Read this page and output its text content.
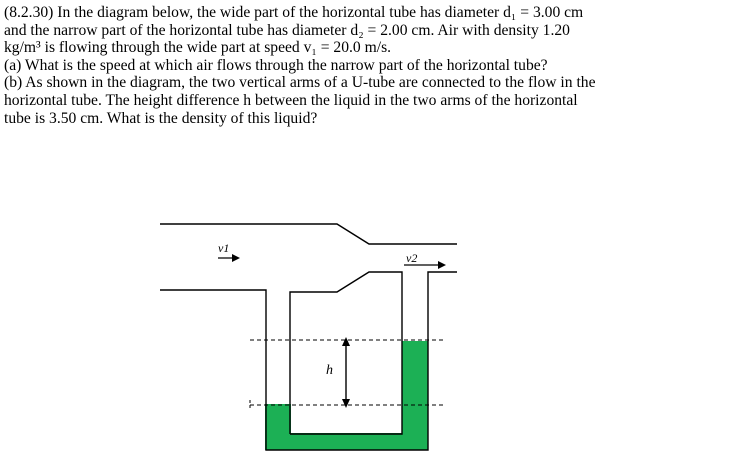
(8.2.30) In the diagram below, the wide part of the horizontal tube has diameter d₁ = 3.00 cm
and the narrow part of the horizontal tube has diameter d₂ = 2.00 cm. Air with density 1.20
kg/m³ is flowing through the wide part at speed v₁ = 20.0 m/s.
(a) What is the speed at which air flows through the narrow part of the horizontal tube?
(b) As shown in the diagram, the two vertical arms of a U-tube are connected to the flow in the
horizontal tube. The height difference h between the liquid in the two arms of the horizontal
tube is 3.50 cm. What is the density of this liquid?
h
v1
v2
